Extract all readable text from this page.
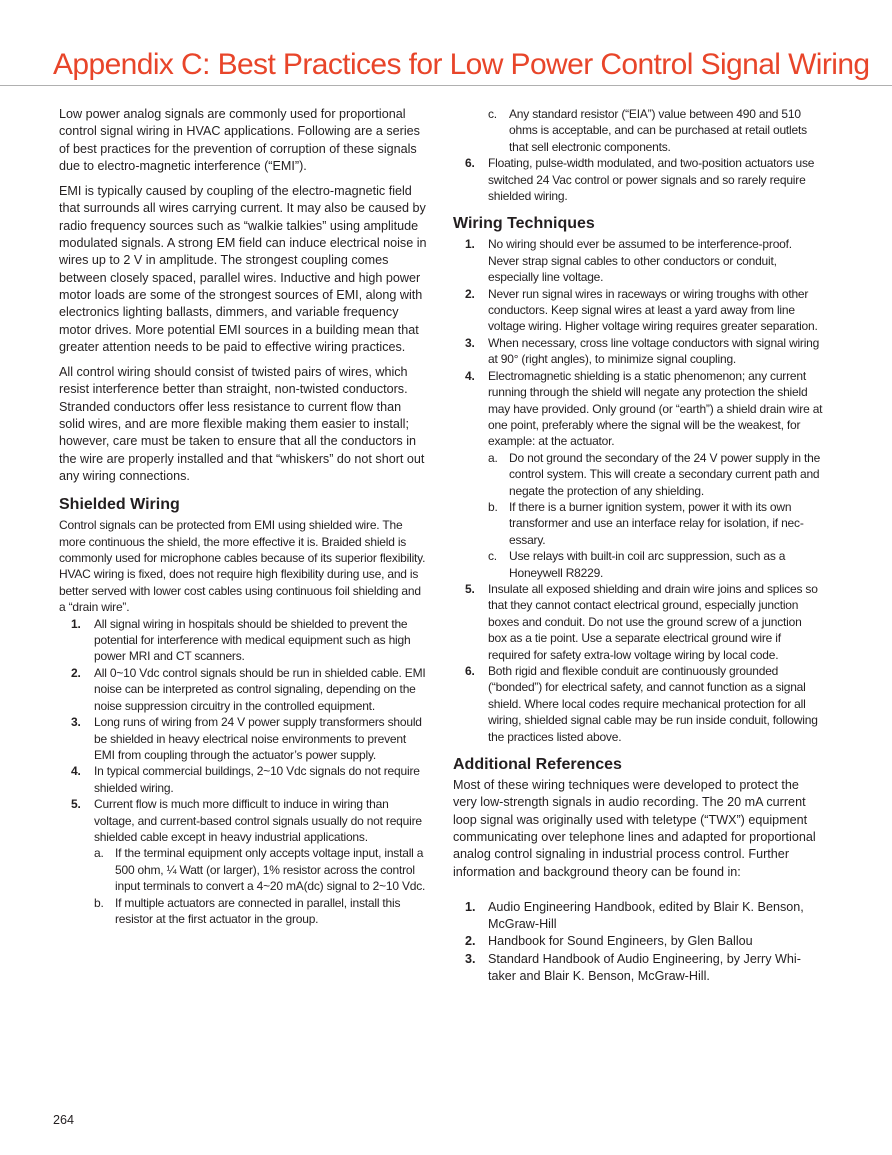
Appendix C: Best Practices for Low Power Control Signal Wiring

Low power analog signals are commonly used for proportional control signal wiring in HVAC applications. Following are a series of best practices for the prevention of corruption of these signals due to electro-magnetic interference (“EMI”).

EMI is typically caused by coupling of the electro-magnetic field that surrounds all wires carrying current. It may also be caused by radio frequency sources such as “walkie talkies” using amplitude modulated signals. A strong EM field can induce electrical noise in wires up to 2 V in amplitude. The strongest coupling comes between closely spaced, parallel wires. Inductive and high power motor loads are some of the strongest sources of EMI, along with electronics lighting ballasts, dimmers, and variable frequency motor drives. More potential EMI sources in a building mean that greater attention needs to be paid to effective wiring practices.

All control wiring should consist of twisted pairs of wires, which resist interference better than straight, non-twisted conductors. Stranded conductors offer less resistance to current flow than solid wires, and are more flexible making them easier to install; however, care must be taken to ensure that all the conductors in the wire are properly installed and that “whiskers” do not short out any wiring connections.

Shielded Wiring

Control signals can be protected from EMI using shielded wire. The more continuous the shield, the more effective it is. Braided shield is commonly used for microphone cables because of its superior flexibility. HVAC wiring is fixed, does not require high flexibility during use, and is better served with lower cost cables using continuous foil shielding and a “drain wire”.

1. All signal wiring in hospitals should be shielded to prevent the potential for interference with medical equipment such as high power MRI and CT scanners.
2. All 0~10 Vdc control signals should be run in shielded cable. EMI noise can be interpreted as control signaling, depending on the noise suppression circuitry in the controlled equipment.
3. Long runs of wiring from 24 V power supply transformers should be shielded in heavy electrical noise environments to prevent EMI from coupling through the actuator’s power supply.
4. In typical commercial buildings, 2~10 Vdc signals do not require shielded wiring.
5. Current flow is much more difficult to induce in wiring than voltage, and current-based control signals usually do not require shielded cable except in heavy industrial applications.
a. If the terminal equipment only accepts voltage input, install a 500 ohm, ¼ Watt (or larger), 1% resistor across the control input terminals to convert a 4~20 mA(dc) signal to 2~10 Vdc.
b. If multiple actuators are connected in parallel, install this resistor at the first actuator in the group.
c. Any standard resistor (“EIA”) value between 490 and 510 ohms is acceptable, and can be purchased at retail outlets that sell electronic components.
6. Floating, pulse-width modulated, and two-position actuators use switched 24 Vac control or power signals and so rarely require shielded wiring.
Wiring Techniques
1. No wiring should ever be assumed to be interference-proof. Never strap signal cables to other conductors or conduit, especially line voltage.
2. Never run signal wires in raceways or wiring troughs with other conductors. Keep signal wires at least a yard away from line voltage wiring. Higher voltage wiring requires greater separation.
3. When necessary, cross line voltage conductors with signal wiring at 90° (right angles), to minimize signal coupling.
4. Electromagnetic shielding is a static phenomenon; any current running through the shield will negate any protection the shield may have provided. Only ground (or “earth”) a shield drain wire at one point, preferably where the signal will be the weakest, for example: at the actuator.
a. Do not ground the secondary of the 24 V power supply in the control system. This will create a secondary current path and negate the protection of any shielding.
b. If there is a burner ignition system, power it with its own transformer and use an interface relay for isolation, if necessary.
c. Use relays with built-in coil arc suppression, such as a Honeywell R8229.
5. Insulate all exposed shielding and drain wire joins and splices so that they cannot contact electrical ground, especially junction boxes and conduit. Do not use the ground screw of a junction box as a tie point. Use a separate electrical ground wire if required for safety extra-low voltage wiring by local code.
6. Both rigid and flexible conduit are continuously grounded (“bonded”) for electrical safety, and cannot function as a signal shield. Where local codes require mechanical protection for all wiring, shielded signal cable may be run inside conduit, following the practices listed above.
Additional References

Most of these wiring techniques were developed to protect the very low-strength signals in audio recording. The 20 mA current loop signal was originally used with teletype (“TWX”) equipment communicating over telephone lines and adapted for proportional analog control signaling in industrial process control. Further information and background theory can be found in:

1. Audio Engineering Handbook, edited by Blair K. Benson, McGraw-Hill
2. Handbook for Sound Engineers, by Glen Ballou
3. Standard Handbook of Audio Engineering, by Jerry Whitaker and Blair K. Benson, McGraw-Hill.
264
